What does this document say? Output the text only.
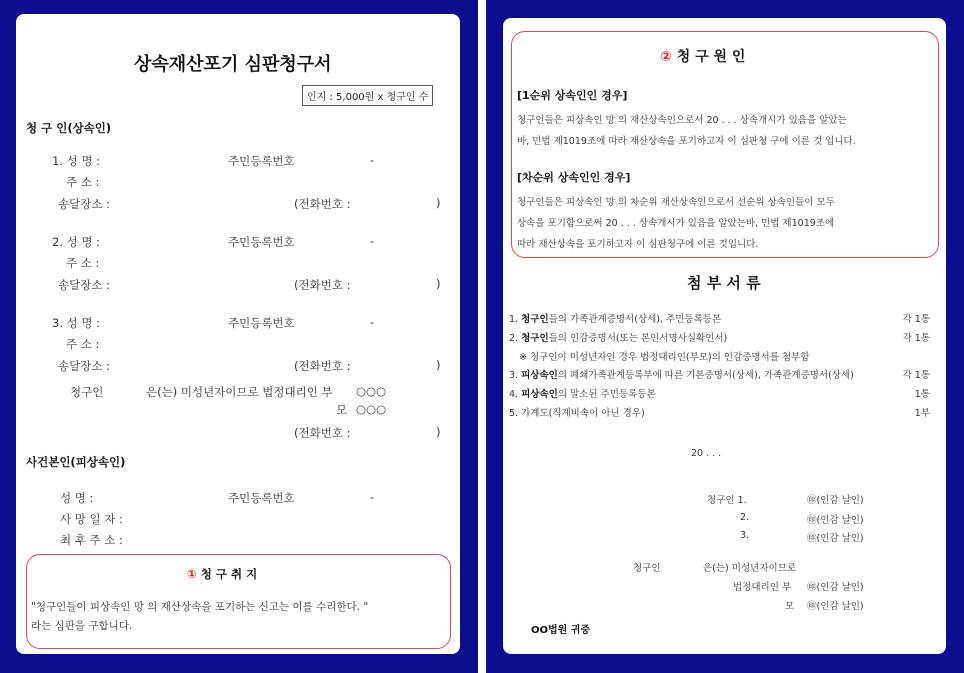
상속재산포기 심판청구서
인지 : 5,000원 x 청구인 수
청 구 인(상속인)
1. 성 명 :	주민등록번호	-
주 소 :
송달장소 :	(전화번호 :	)
2. 성 명 :	주민등록번호	-
주 소 :
송달장소 :	(전화번호 :	)
3. 성 명 :	주민등록번호	-
주 소 :
송달장소 :	(전화번호 :	)
청구인	은(는) 미성년자이므로 법정대리인 부 ○○○
모 ○○○
(전화번호 :	)
사건본인(피상속인)
성 명 :	주민등록번호	-
사 망 일 자 :
최 후 주 소 :
① 청 구 취 지
"청구인들이 피상속인 망 의 재산상속을 포기하는 신고는 이를 수리한다. "
라는 심판을 구합니다.
② 청 구 원 인
[1순위 상속인인 경우]
청구인들은 피상속인 망 의 재산상속인으로서 20 . . . 상속개시가 있음을 알았는
바, 민법 제1019조에 따라 재산상속을 포기하고자 이 심판청 구에 이른 것 입니다.
[차순위 상속인인 경우]
청구인들은 피상속인 망 의 차순위 재산상속인으로서 선순위 상속인들이 모두
상속을 포기함으로써 20 . . . 상속개시가 있음을 알았는바, 민법 제1019조에
따라 재산상속을 포기하고자 이 심판청구에 이른 것입니다.
첨 부 서 류
1. 청구인들의 가족관계증명서(상세), 주민등록등본	각 1통
2. 청구인들의 인감증명서(또는 본인서명사실확인서)	각 1통
※ 청구인이 미성년자인 경우 법정대리인(부모)의 인감증명서를 첨부함
3. 피상속인의 폐쇄가족관계등록부에 따른 기본증명서(상세), 가족관계증명서(상세)	각 1통
4. 피상속인의 말소된 주민등록등본	1통
5. 가계도(직계비속이 아닌 경우)	1부
20 . . .
청구인 1.	㊞(인감 날인)
2.	㊞(인감 날인)
3.	㊞(인감 날인)
청구인	은(는) 미성년자이므로
법정대리인 부 ㊞(인감 날인)
모 ㊞(인감 날인)
OO법원 귀중
